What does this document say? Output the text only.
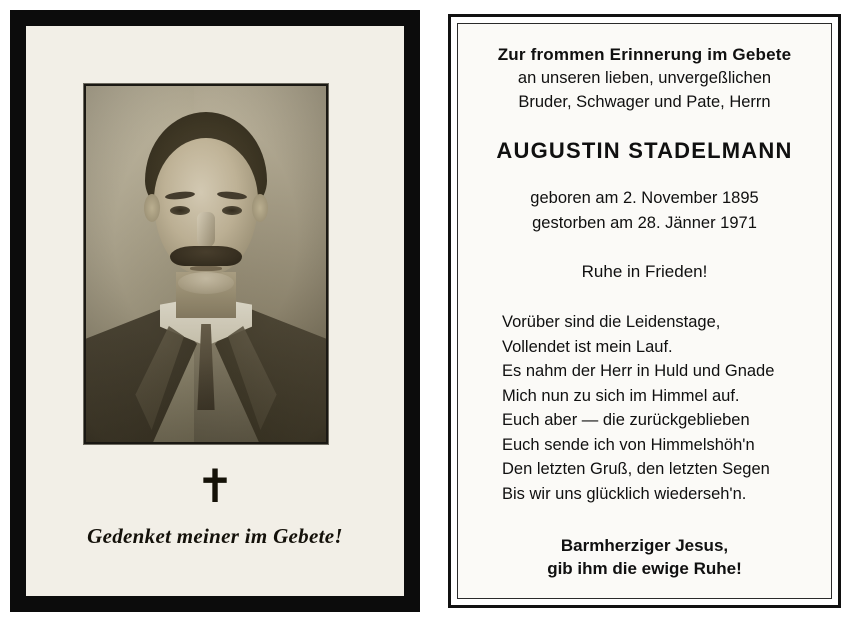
✝
Gedenket meiner im Gebete!
Zur frommen Erinnerung im Gebete
an unseren lieben, unvergeßlichen
Bruder, Schwager und Pate, Herrn
AUGUSTIN STADELMANN
geboren am 2. November 1895
gestorben am 28. Jänner 1971
Ruhe in Frieden!
Vorüber sind die Leidenstage,
Vollendet ist mein Lauf.
Es nahm der Herr in Huld und Gnade
Mich nun zu sich im Himmel auf.
Euch aber — die zurückgeblieben
Euch sende ich von Himmelshöh'n
Den letzten Gruß, den letzten Segen
Bis wir uns glücklich wiederseh'n.
Barmherziger Jesus,
gib ihm die ewige Ruhe!
